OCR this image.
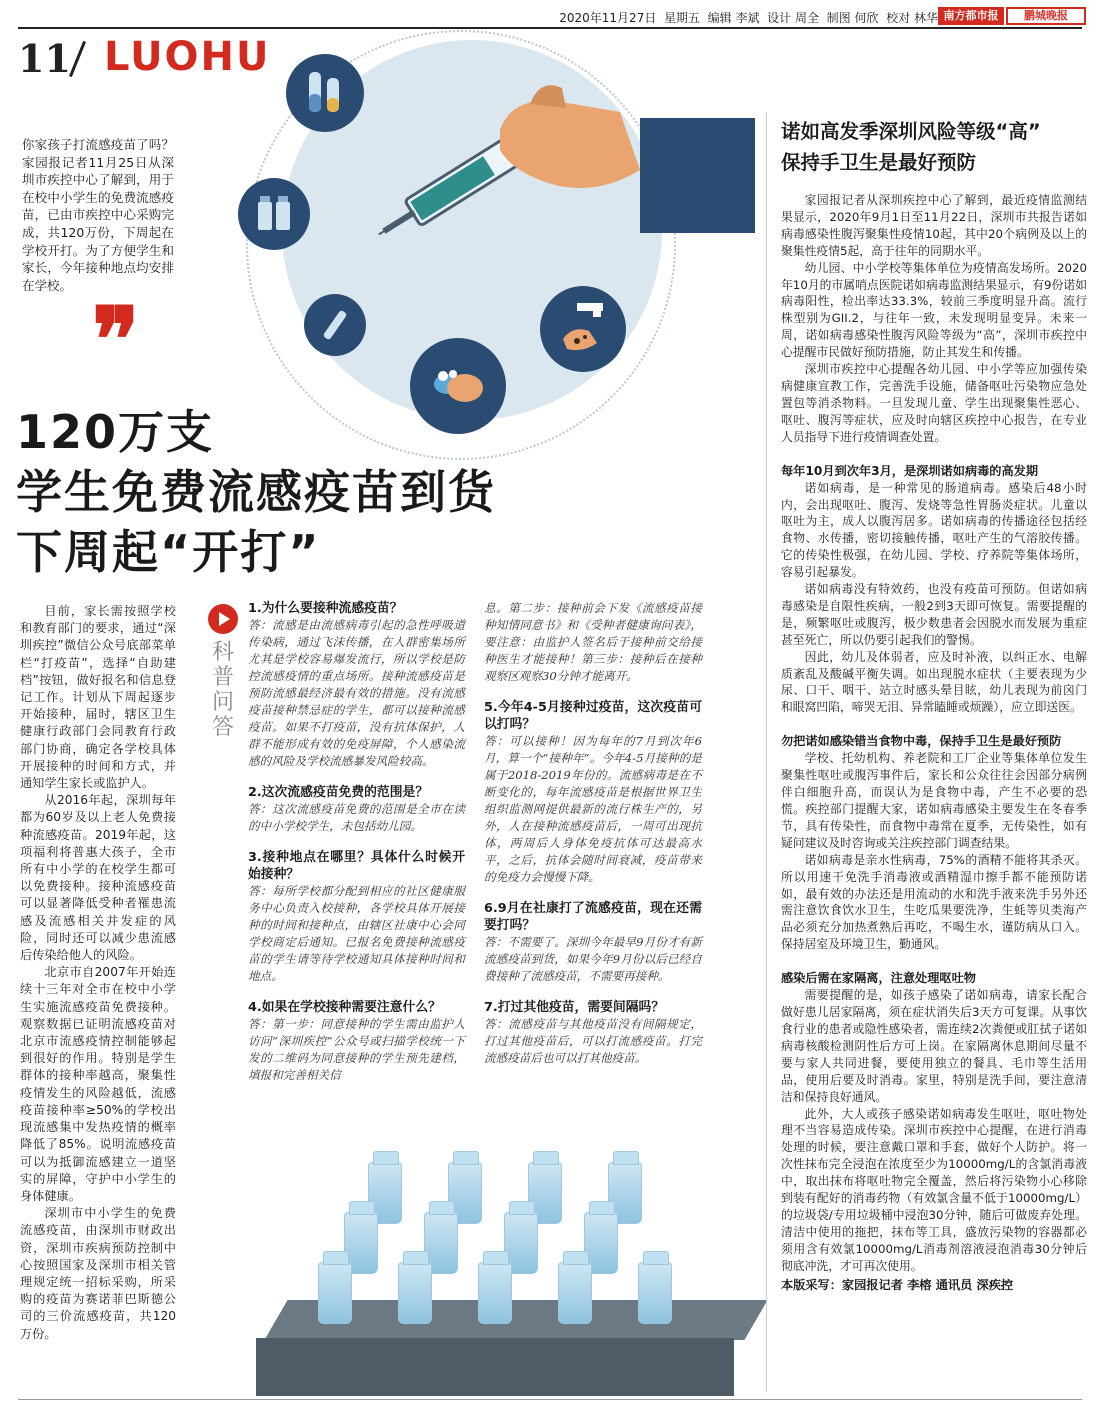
2020年11月27日 星期五 编辑 李斌 设计 周全 制图 何欣 校对 林华 南方都市报	鹏城晚报
11 LUOHU
你家孩子打流感疫苗了吗？家园报记者11月25日从深圳市疾控中心了解到，用于在校中小学生的免费流感疫苗，已由市疾控中心采购完成，共120万份，下周起在学校开打。为了方便学生和家长，今年接种地点均安排在学校。
❞
120万支
学生免费流感疫苗到货
下周起“开打”

目前，家长需按照学校和教育部门的要求，通过“深圳疾控”微信公众号底部菜单栏“打疫苗”，选择“自助建档”按钮，做好报名和信息登记工作。计划从下周起逐步开始接种，届时，辖区卫生健康行政部门会同教育行政部门协商，确定各学校具体开展接种的时间和方式，并通知学生家长或监护人。

从2016年起，深圳每年都为60岁及以上老人免费接种流感疫苗。2019年起，这项福利将普惠大孩子，全市所有中小学的在校学生都可以免费接种。接种流感疫苗可以显著降低受种者罹患流感及流感相关并发症的风险，同时还可以减少患流感后传染给他人的风险。

北京市自2007年开始连续十三年对全市在校中小学生实施流感疫苗免费接种。观察数据已证明流感疫苗对北京市流感疫情控制能够起到很好的作用。特别是学生群体的接种率越高，聚集性疫情发生的风险越低，流感疫苗接种率≥50%的学校出现流感集中发热疫情的概率降低了85%。说明流感疫苗可以为抵御流感建立一道坚实的屏障，守护中小学生的身体健康。

深圳市中小学生的免费流感疫苗，由深圳市财政出资，深圳市疾病预防控制中心按照国家及深圳市相关管理规定统一招标采购，所采购的疫苗为赛诺菲巴斯德公司的三价流感疫苗，共120万份。

科普问答
1.为什么要接种流感疫苗？
答：流感是由流感病毒引起的急性呼吸道传染病，通过飞沫传播，在人群密集场所尤其是学校容易爆发流行，所以学校是防控流感疫情的重点场所。接种流感疫苗是预防流感最经济最有效的措施。没有流感疫苗接种禁忌症的学生，都可以接种流感疫苗。如果不打疫苗，没有抗体保护，人群不能形成有效的免疫屏障，个人感染流感的风险及学校流感暴发风险较高。
2.这次流感疫苗免费的范围是？
答：这次流感疫苗免费的范围是全市在读的中小学校学生，未包括幼儿园。
3.接种地点在哪里？具体什么时候开始接种？
答：每所学校都分配到相应的社区健康服务中心负责入校接种，各学校具体开展接种的时间和接种点，由辖区社康中心会同学校商定后通知。已报名免费接种流感疫苗的学生请等待学校通知具体接种时间和地点。
4.如果在学校接种需要注意什么？
答：第一步：同意接种的学生需由监护人访问“深圳疾控”公众号或扫描学校统一下发的二维码为同意接种的学生预先建档，填报和完善相关信
息。第二步：接种前会下发《流感疫苗接种知情同意书》和《受种者健康询问表》，要注意：由监护人签名后于接种前交给接种医生才能接种！第三步：接种后在接种观察区观察30分钟才能离开。
5.今年4-5月接种过疫苗，这次疫苗可以打吗？
答：可以接种！因为每年的7月到次年6月，算一个“接种年”。今年4-5月接种的是属于2018-2019年份的。流感病毒是在不断变化的，每年流感疫苗是根据世界卫生组织监测网提供最新的流行株生产的，另外，人在接种流感疫苗后，一周可出现抗体，两周后人身体免疫抗体可达最高水平，之后，抗体会随时间衰减，疫苗带来的免疫力会慢慢下降。
6.9月在社康打了流感疫苗，现在还需要打吗？
答：不需要了。深圳今年最早9月份才有新流感疫苗到货，如果今年9月份以后已经自费接种了流感疫苗，不需要再接种。
7.打过其他疫苗，需要间隔吗？
答：流感疫苗与其他疫苗没有间隔规定，打过其他疫苗后，可以打流感疫苗。打完流感疫苗后也可以打其他疫苗。
诺如高发季深圳风险等级“高”
保持手卫生是最好预防

家园报记者从深圳疾控中心了解到，最近疫情监测结果显示，2020年9月1日至11月22日，深圳市共报告诺如病毒感染性腹泻聚集性疫情10起，其中20个病例及以上的聚集性疫情5起，高于往年的同期水平。

幼儿园、中小学校等集体单位为疫情高发场所。2020年10月的市属哨点医院诺如病毒监测结果显示，有9份诺如病毒阳性，检出率达33.3%，较前三季度明显升高。流行株型别为GII.2，与往年一致，未发现明显变异。未来一周，诺如病毒感染性腹泻风险等级为“高”，深圳市疾控中心提醒市民做好预防措施，防止其发生和传播。

深圳市疾控中心提醒各幼儿园、中小学等应加强传染病健康宣教工作，完善洗手设施，储备呕吐污染物应急处置包等消杀物料。一旦发现儿童、学生出现聚集性恶心、呕吐、腹泻等症状，应及时向辖区疾控中心报告，在专业人员指导下进行疫情调查处置。

每年10月到次年3月，是深圳诺如病毒的高发期

诺如病毒，是一种常见的肠道病毒。感染后48小时内，会出现呕吐、腹泻、发烧等急性胃肠炎症状。儿童以呕吐为主，成人以腹泻居多。诺如病毒的传播途径包括经食物、水传播，密切接触传播，呕吐产生的气溶胶传播。它的传染性极强，在幼儿园、学校、疗养院等集体场所，容易引起暴发。

诺如病毒没有特效药，也没有疫苗可预防。但诺如病毒感染是自限性疾病，一般2到3天即可恢复。需要提醒的是，频繁呕吐或腹泻，极少数患者会因脱水而发展为重症甚至死亡，所以仍要引起我们的警惕。

因此，幼儿及体弱者，应及时补液，以纠正水、电解质紊乱及酸碱平衡失调。如出现脱水症状（主要表现为少尿、口干、咽干、站立时感头晕目眩，幼儿表现为前囟门和眼窝凹陷，啼哭无泪、异常瞌睡或烦躁），应立即送医。

勿把诺如感染错当食物中毒，保持手卫生是最好预防

学校、托幼机构、养老院和工厂企业等集体单位发生聚集性呕吐或腹泻事件后，家长和公众往往会因部分病例伴白细胞升高，而误认为是食物中毒，产生不必要的恐慌。疾控部门提醒大家，诺如病毒感染主要发生在冬春季节，具有传染性，而食物中毒常在夏季，无传染性，如有疑问建议及时咨询或关注疾控部门调查结果。

诺如病毒是亲水性病毒，75%的酒精不能将其杀灭。所以用速干免洗手消毒液或酒精湿巾擦手都不能预防诺如，最有效的办法还是用流动的水和洗手液来洗手另外还需注意饮食饮水卫生，生吃瓜果要洗净，生蚝等贝类海产品必须充分加热煮熟后再吃，不喝生水，谨防病从口入。保持居室及环境卫生，勤通风。

感染后需在家隔离，注意处理呕吐物

需要提醒的是，如孩子感染了诺如病毒，请家长配合做好患儿居家隔离，须在症状消失后3天方可复课。从事饮食行业的患者或隐性感染者，需连续2次粪便或肛拭子诺如病毒核酸检测阴性后方可上岗。在家隔离休息期间尽量不要与家人共同进餐，要使用独立的餐具、毛巾等生活用品，使用后要及时消毒。家里，特别是洗手间，要注意清洁和保持良好通风。

此外，大人或孩子感染诺如病毒发生呕吐，呕吐物处理不当容易造成传染。深圳市疾控中心提醒，在进行消毒处理的时候，要注意戴口罩和手套，做好个人防护。将一次性抹布完全浸泡在浓度至少为10000mg/L的含氯消毒液中，取出抹布将呕吐物完全覆盖，然后将污染物小心移除到装有配好的消毒药物（有效氯含量不低于10000mg/L）的垃圾袋/专用垃圾桶中浸泡30分钟，随后可做废弃处理。清洁中使用的拖把，抹布等工具，盛放污染物的容器都必须用含有效氯10000mg/L消毒剂溶液浸泡消毒30分钟后彻底冲洗，才可再次使用。

本版采写：家园报记者 李榕 通讯员 深疾控
